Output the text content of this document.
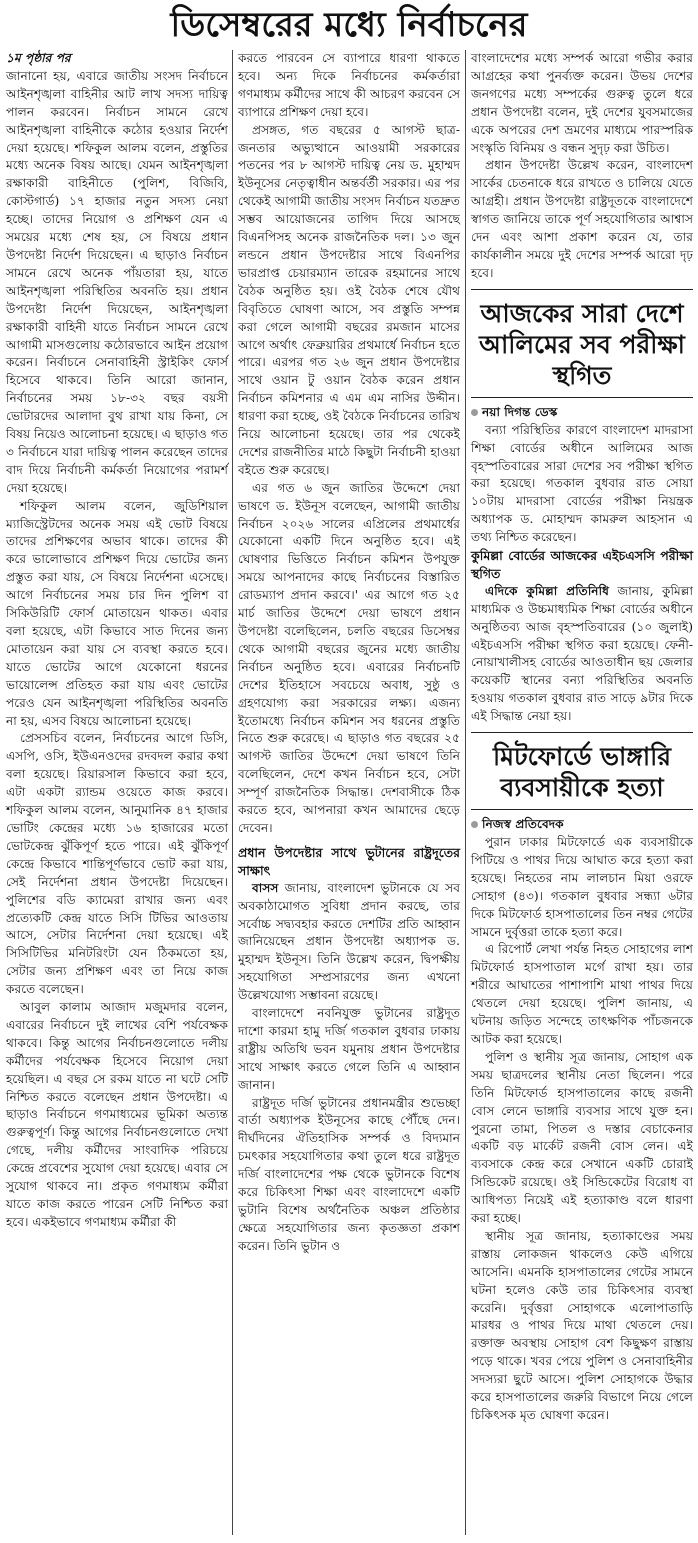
ডিসেম্বরের মধ্যে নির্বাচনের

১ম পৃষ্ঠার পর

জানানো হয়, এবারে জাতীয় সংসদ নির্বাচনে আইনশৃঙ্খলা বাহিনীর আট লাখ সদস্য দায়িত্ব পালন করবেন। নির্বাচন সামনে রেখে আইনশৃঙ্খলা বাহিনীকে কঠোর হওয়ার নির্দেশ দেয়া হয়েছে। শফিকুল আলম বলেন, প্রস্তুতির মধ্যে অনেক বিষয় আছে। যেমন আইনশৃঙ্খলা রক্ষাকারী বাহিনীতে (পুলিশ, বিজিবি, কোস্টগার্ড) ১৭ হাজার নতুন সদস্য নেয়া হচ্ছে। তাদের নিয়োগ ও প্রশিক্ষণ যেন এ সময়ের মধ্যে শেষ হয়, সে বিষয়ে প্রধান উপদেষ্টা নির্দেশ দিয়েছেন। এ ছাড়াও নির্বাচন সামনে রেখে অনেক পাঁয়তারা হয়, যাতে আইনশৃঙ্খলা পরিস্থিতির অবনতি হয়। প্রধান উপদেষ্টা নির্দেশ দিয়েছেন, আইনশৃঙ্খলা রক্ষাকারী বাহিনী যাতে নির্বাচন সামনে রেখে আগামী মাসগুলোয় কঠোরভাবে আইন প্রয়োগ করেন। নির্বাচনে সেনাবাহিনী স্ট্রাইকিং ফোর্স হিসেবে থাকবে। তিনি আরো জানান, নির্বাচনের সময় ১৮-৩২ বছর বয়সী ভোটারদের আলাদা বুথ রাখা যায় কিনা, সে বিষয় নিয়েও আলোচনা হয়েছে। এ ছাড়াও গত ৩ নির্বাচনে যারা দায়িত্ব পালন করেছেন তাদের বাদ দিয়ে নির্বাচনী কর্মকর্তা নিয়োগের পরামর্শ দেয়া হয়েছে।

শফিকুল আলম বলেন, জুডিশিয়াল ম্যাজিস্ট্রেটদের অনেক সময় এই ভোট বিষয়ে তাদের প্রশিক্ষণের অভাব থাকে। তাদের কী করে ভালোভাবে প্রশিক্ষণ দিয়ে ভোটের জন্য প্রস্তুত করা যায়, সে বিষয়ে নির্দেশনা এসেছে। আগে নির্বাচনের সময় চার দিন পুলিশ বা সিকিউরিটি ফোর্স মোতায়েন থাকত। এবার বলা হয়েছে, এটা কিভাবে সাত দিনের জন্য মোতায়েন করা যায় সে ব্যবস্থা করতে হবে। যাতে ভোটের আগে যেকোনো ধরনের ভায়োলেন্স প্রতিহত করা যায় এবং ভোটের পরেও যেন আইনশৃঙ্খলা পরিস্থিতির অবনতি না হয়, এসব বিষয়ে আলোচনা হয়েছে।

প্রেসসচিব বলেন, নির্বাচনের আগে ডিসি, এসপি, ওসি, ইউএনওদের রদবদল করার কথা বলা হয়েছে। রিয়ারসাল কিভাবে করা হবে, এটা একটা র‌্যান্ডম ওয়েতে কাজ করবে। শফিকুল আলম বলেন, আনুমানিক ৪৭ হাজার ভোটিং কেন্দ্রের মধ্যে ১৬ হাজারের মতো ভোটকেন্দ্র ঝুঁকিপূর্ণ হতে পারে। এই ঝুঁকিপূর্ণ কেন্দ্রে কিভাবে শান্তিপূর্ণভাবে ভোট করা যায়, সেই নির্দেশনা প্রধান উপদেষ্টা দিয়েছেন। পুলিশের বডি ক্যামেরা রাখার জন্য এবং প্রত্যেকটি কেন্দ্র যাতে সিসি টিভির আওতায় আসে, সেটার নির্দেশনা দেয়া হয়েছে। এই সিসিটিভির মনিটরিংটা যেন ঠিকমতো হয়, সেটার জন্য প্রশিক্ষণ এবং তা নিয়ে কাজ করতে বলেছেন।

আবুল কালাম আজাদ মজুমদার বলেন, এবারের নির্বাচনে দুই লাখের বেশি পর্যবেক্ষক থাকবে। কিন্তু আগের নির্বাচনগুলোতে দলীয় কর্মীদের পর্যবেক্ষক হিসেবে নিয়োগ দেয়া হয়েছিল। এ বছর সে রকম যাতে না ঘটে সেটি নিশ্চিত করতে বলেছেন প্রধান উপদেষ্টা। এ ছাড়াও নির্বাচনে গণমাধ্যমের ভূমিকা অত্যন্ত গুরুত্বপূর্ণ। কিন্তু আগের নির্বাচনগুলোতে দেখা গেছে, দলীয় কর্মীদের সাংবাদিক পরিচয়ে কেন্দ্রে প্রবেশের সুযোগ দেয়া হয়েছে। এবার সে সুযোগ থাকবে না। প্রকৃত গণমাধ্যম কর্মীরা যাতে কাজ করতে পারেন সেটি নিশ্চিত করা হবে। একইভাবে গণমাধ্যম কর্মীরা কী

করতে পারবেন সে ব্যাপারে ধারণা থাকতে হবে। অন্য দিকে নির্বাচনের কর্মকর্তারা গণমাধ্যম কর্মীদের সাথে কী আচরণ করবেন সে ব্যাপারে প্রশিক্ষণ দেয়া হবে।

প্রসঙ্গত, গত বছরের ৫ আগস্ট ছাত্র-জনতার অভ্যুত্থানে আওয়ামী সরকারের পতনের পর ৮ আগস্ট দায়িত্ব নেয় ড. মুহাম্মদ ইউনূসের নেতৃত্বাধীন অন্তর্বর্তী সরকার। এর পর থেকেই আগামী জাতীয় সংসদ নির্বাচন যতদ্রুত সম্ভব আয়োজনের তাগিদ দিয়ে আসছে বিএনপিসহ অনেক রাজনৈতিক দল। ১৩ জুন লন্ডনে প্রধান উপদেষ্টার সাথে বিএনপির ভারপ্রাপ্ত চেয়ারম্যান তারেক রহমানের সাথে বৈঠক অনুষ্ঠিত হয়। ওই বৈঠক শেষে যৌথ বিবৃতিতে ঘোষণা আসে, সব প্রস্তুতি সম্পন্ন করা গেলে আগামী বছরের রমজান মাসের আগে অর্থাৎ ফেব্রুয়ারির প্রথমার্ধে নির্বাচন হতে পারে। এরপর গত ২৬ জুন প্রধান উপদেষ্টার সাথে ওয়ান টু ওয়ান বৈঠক করেন প্রধান নির্বাচন কমিশনার এ এম এম নাসির উদ্দীন। ধারণা করা হচ্ছে, ওই বৈঠকে নির্বাচনের তারিখ নিয়ে আলোচনা হয়েছে। তার পর থেকেই দেশের রাজনীতির মাঠে কিছুটা নির্বাচনী হাওয়া বইতে শুরু করেছে।

এর গত ৬ জুন জাতির উদ্দেশে দেয়া ভাষণে ড. ইউনূস বলেছেন, আগামী জাতীয় নির্বাচন ২০২৬ সালের এপ্রিলের প্রথমার্ধের যেকোনো একটি দিনে অনুষ্ঠিত হবে। এই ঘোষণার ভিত্তিতে নির্বাচন কমিশন উপযুক্ত সময়ে আপনাদের কাছে নির্বাচনের বিস্তারিত রোডম্যাপ প্রদান করবে।' এর আগে গত ২৫ মার্চ জাতির উদ্দেশে দেয়া ভাষণে প্রধান উপদেষ্টা বলেছিলেন, চলতি বছরের ডিসেম্বর থেকে আগামী বছরের জুনের মধ্যে জাতীয় নির্বাচন অনুষ্ঠিত হবে। এবারের নির্বাচনটি দেশের ইতিহাসে সবচেয়ে অবাধ, সুষ্ঠু ও গ্রহণযোগ্য করা সরকারের লক্ষ্য। এজন্য ইতোমধ্যে নির্বাচন কমিশন সব ধরনের প্রস্তুতি নিতে শুরু করেছে। এ ছাড়াও গত বছরের ২৫ আগস্ট জাতির উদ্দেশে দেয়া ভাষণে তিনি বলেছিলেন, দেশে কখন নির্বাচন হবে, সেটা সম্পূর্ণ রাজনৈতিক সিদ্ধান্ত। দেশবাসীকে ঠিক করতে হবে, আপনারা কখন আমাদের ছেড়ে দেবেন।

প্রধান উপদেষ্টার সাথে ভুটানের রাষ্ট্রদূতের সাক্ষাৎ

বাসস জানায়, বাংলাদেশ ভুটানকে যে সব অবকাঠামোগত সুবিধা প্রদান করছে, তার সর্বোচ্চ সদ্ব্যবহার করতে দেশটির প্রতি আহ্বান জানিয়েছেন প্রধান উপদেষ্টা অধ্যাপক ড. মুহাম্মদ ইউনূস। তিনি উল্লেখ করেন, দ্বিপক্ষীয় সহযোগিতা সম্প্রসারণের জন্য এখনো উল্লেখযোগ্য সম্ভাবনা রয়েছে।

বাংলাদেশে নবনিযুক্ত ভুটানের রাষ্ট্রদূত দাশো কারমা হামু দর্জি গতকাল বুধবার ঢাকায় রাষ্ট্রীয় অতিথি ভবন যমুনায় প্রধান উপদেষ্টার সাথে সাক্ষাৎ করতে গেলে তিনি এ আহ্বান জানান।

রাষ্ট্রদূত দর্জি ভুটানের প্রধানমন্ত্রীর শুভেচ্ছা বার্তা অধ্যাপক ইউনূসের কাছে পৌঁছে দেন। দীর্ঘদিনের ঐতিহাসিক সম্পর্ক ও বিদ্যমান চমৎকার সহযোগিতার কথা তুলে ধরে রাষ্ট্রদূত দর্জি বাংলাদেশের পক্ষ থেকে ভুটানকে বিশেষ করে চিকিৎসা শিক্ষা এবং বাংলাদেশে একটি ভুটানি বিশেষ অর্থনৈতিক অঞ্চল প্রতিষ্ঠার ক্ষেত্রে সহযোগিতার জন্য কৃতজ্ঞতা প্রকাশ করেন। তিনি ভুটান ও

বাংলাদেশের মধ্যে সম্পর্ক আরো গভীর করার আগ্রহের কথা পুনর্ব্যক্ত করেন। উভয় দেশের জনগণের মধ্যে সম্পর্কের গুরুত্ব তুলে ধরে প্রধান উপদেষ্টা বলেন, দুই দেশের যুবসমাজের একে অপরের দেশ ভ্রমণের মাধ্যমে পারস্পরিক সংস্কৃতি বিনিময় ও বন্ধন সুদৃঢ় করা উচিত।

প্রধান উপদেষ্টা উল্লেখ করেন, বাংলাদেশ সার্কের চেতনাকে ধরে রাখতে ও চালিয়ে যেতে আগ্রহী। প্রধান উপদেষ্টা রাষ্ট্রদূতকে বাংলাদেশে স্বাগত জানিয়ে তাকে পূর্ণ সহযোগিতার আশ্বাস দেন এবং আশা প্রকাশ করেন যে, তার কার্যকালীন সময়ে দুই দেশের সম্পর্ক আরো দৃঢ় হবে।

আজকের সারা দেশে আলিমের সব পরীক্ষা স্থগিত

নয়া দিগন্ত ডেস্ক

বন্যা পরিস্থিতির কারণে বাংলাদেশ মাদরাসা শিক্ষা বোর্ডের অধীনে আলিমের আজ বৃহস্পতিবারের সারা দেশের সব পরীক্ষা স্থগিত করা হয়েছে। গতকাল বুধবার রাত সোয়া ১০টায় মাদরাসা বোর্ডের পরীক্ষা নিয়ন্ত্রক অধ্যাপক ড. মোহাম্মদ কামরুল আহসান এ তথ্য নিশ্চিত করেছেন।

কুমিল্লা বোর্ডের আজকের এইচএসসি পরীক্ষা স্থগিত

এদিকে কুমিল্লা প্রতিনিধি জানায়, কুমিল্লা মাধ্যমিক ও উচ্চমাধ্যমিক শিক্ষা বোর্ডের অধীনে অনুষ্ঠিতব্য আজ বৃহস্পতিবারের (১০ জুলাই) এইচএসসি পরীক্ষা স্থগিত করা হয়েছে। ফেনী-নোয়াখালীসহ বোর্ডের আওতাধীন ছয় জেলার কয়েকটি স্থানের বন্যা পরিস্থিতির অবনতি হওয়ায় গতকাল বুধবার রাত সাড়ে ৯টার দিকে এই সিদ্ধান্ত নেয়া হয়।

মিটফোর্ডে ভাঙ্গারি ব্যবসায়ীকে হত্যা

নিজস্ব প্রতিবেদক

পুরান ঢাকার মিটফোর্ডে এক ব্যবসায়ীকে পিটিয়ে ও পাথর দিয়ে আঘাত করে হত্যা করা হয়েছে। নিহতের নাম লালচান মিয়া ওরফে সোহাগ (৪৩)। গতকাল বুধবার সন্ধ্যা ৬টার দিকে মিটফোর্ড হাসপাতালের তিন নম্বর গেটের সামনে দুর্বৃত্তরা তাকে হত্যা করে।

এ রিপোর্ট লেখা পর্যন্ত নিহত সোহাগের লাশ মিটফোর্ড হাসপাতাল মর্গে রাখা হয়। তার শরীরে আঘাতের পাশাপাশি মাথা পাথর দিয়ে থেতলে দেয়া হয়েছে। পুলিশ জানায়, এ ঘটনায় জড়িত সন্দেহে তাৎক্ষণিক পাঁচজনকে আটক করা হয়েছে।

পুলিশ ও স্থানীয় সূত্র জানায়, সোহাগ এক সময় ছাত্রদলের স্থানীয় নেতা ছিলেন। পরে তিনি মিটফোর্ড হাসপাতালের কাছে রজনী বোস লেনে ভাঙ্গারি ব্যবসার সাথে যুক্ত হন। পুরনো তামা, পিতল ও দস্তার বেচাকেনার একটি বড় মার্কেট রজনী বোস লেন। এই ব্যবসাকে কেন্দ্র করে সেখানে একটি চোরাই সিন্ডিকেট রয়েছে। ওই সিন্ডিকেটের বিরোধ বা আধিপত্য নিয়েই এই হত্যাকাণ্ড বলে ধারণা করা হচ্ছে।

স্থানীয় সূত্র জানায়, হত্যাকাণ্ডের সময় রাস্তায় লোকজন থাকলেও কেউ এগিয়ে আসেনি। এমনকি হাসপাতালের গেটের সামনে ঘটনা হলেও কেউ তার চিকিৎসার ব্যবস্থা করেনি। দুর্বৃত্তরা সোহাগকে এলোপাতাড়ি মারধর ও পাথর দিয়ে মাথা থেতলে দেয়। রক্তাক্ত অবস্থায় সোহাগ বেশ কিছুক্ষণ রাস্তায় পড়ে থাকে। খবর পেয়ে পুলিশ ও সেনাবাহিনীর সদস্যরা ছুটে আসে। পুলিশ সোহাগকে উদ্ধার করে হাসপাতালের জরুরি বিভাগে নিয়ে গেলে চিকিৎসক মৃত ঘোষণা করেন।
